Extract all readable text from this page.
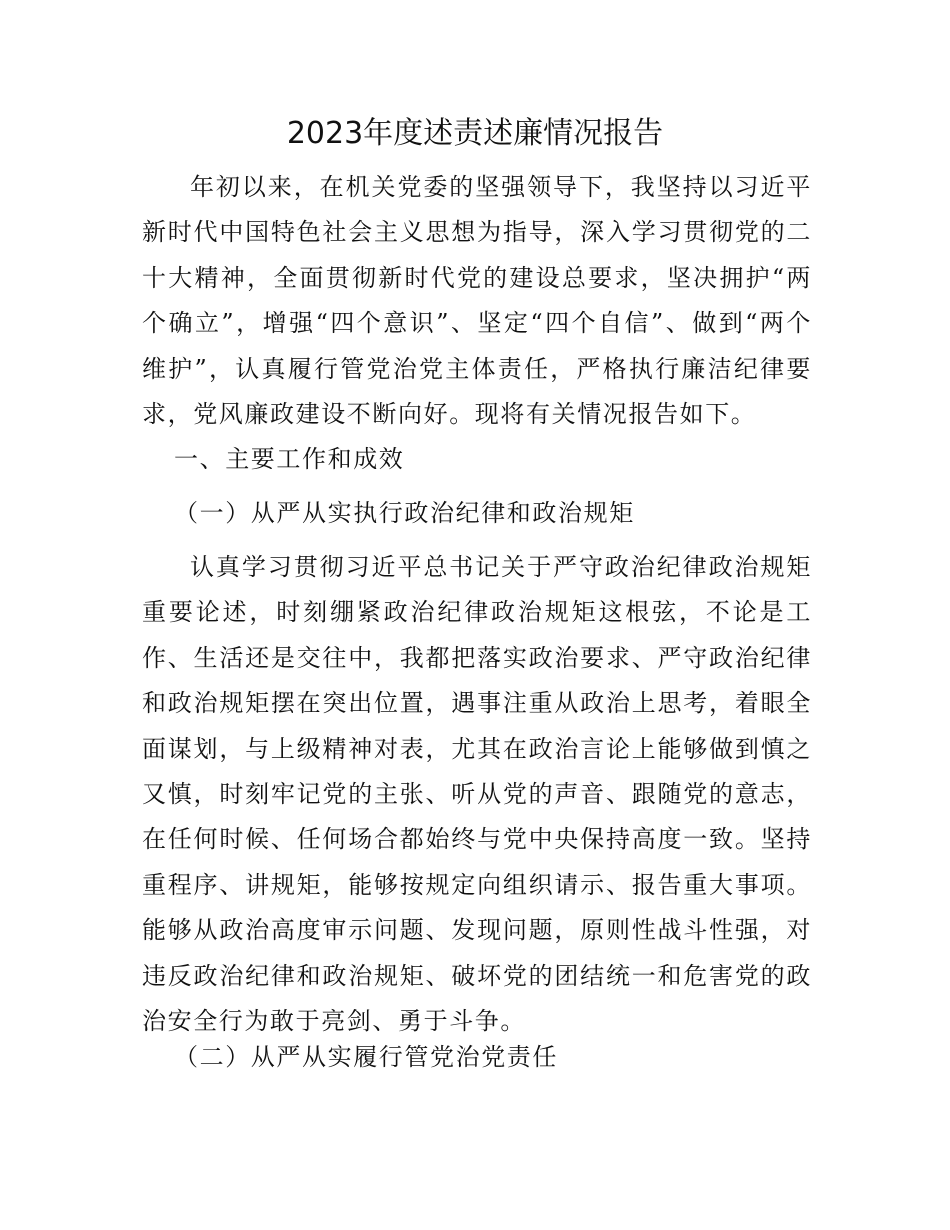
2023年度述责述廉情况报告

年初以来，在机关党委的坚强领导下，我坚持以习近平新时代中国特色社会主义思想为指导，深入学习贯彻党的二十大精神，全面贯彻新时代党的建设总要求，坚决拥护“两个确立”，增强“四个意识”、坚定“四个自信”、做到“两个维护”，认真履行管党治党主体责任，严格执行廉洁纪律要求，党风廉政建设不断向好。现将有关情况报告如下。

一、主要工作和成效

（一）从严从实执行政治纪律和政治规矩

认真学习贯彻习近平总书记关于严守政治纪律政治规矩重要论述，时刻绷紧政治纪律政治规矩这根弦，不论是工作、生活还是交往中，我都把落实政治要求、严守政治纪律和政治规矩摆在突出位置，遇事注重从政治上思考，着眼全面谋划，与上级精神对表，尤其在政治言论上能够做到慎之又慎，时刻牢记党的主张、听从党的声音、跟随党的意志，在任何时候、任何场合都始终与党中央保持高度一致。坚持重程序、讲规矩，能够按规定向组织请示、报告重大事项。能够从政治高度审示问题、发现问题，原则性战斗性强，对违反政治纪律和政治规矩、破坏党的团结统一和危害党的政治安全行为敢于亮剑、勇于斗争。

（二）从严从实履行管党治党责任
